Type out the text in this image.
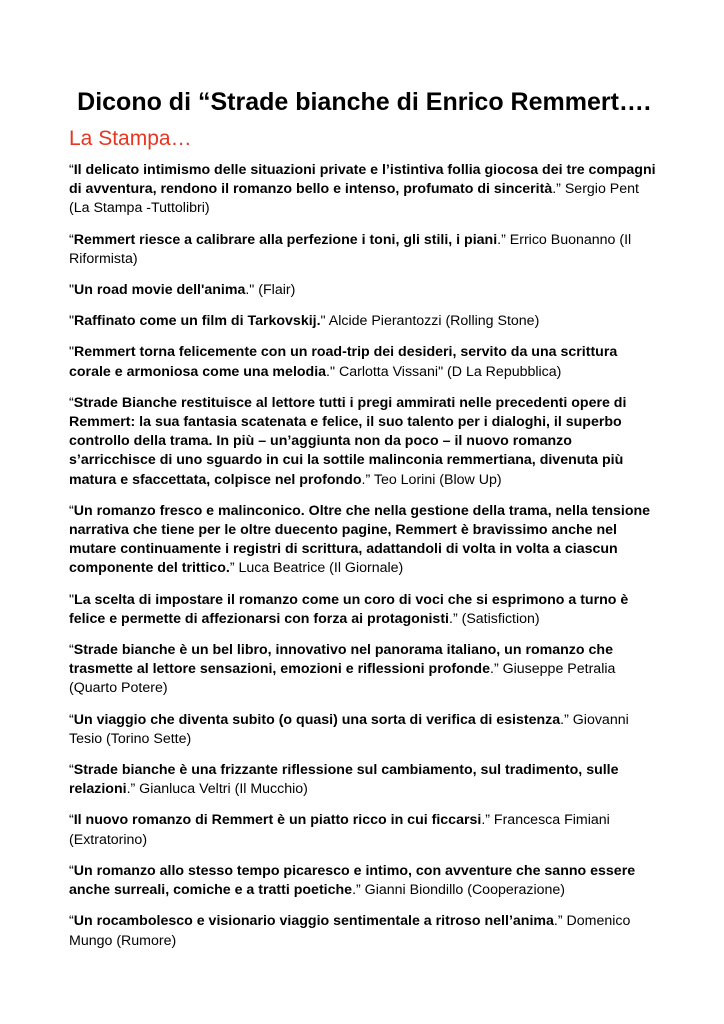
Dicono di “Strade bianche di Enrico Remmert….
La Stampa…

“Il delicato intimismo delle situazioni private e l’istintiva follia giocosa dei tre compagni di avventura, rendono il romanzo bello e intenso, profumato di sincerità.” Sergio Pent (La Stampa -Tuttolibri)

“Remmert riesce a calibrare alla perfezione i toni, gli stili, i piani.” Errico Buonanno (Il Riformista)

"Un road movie dell'anima." (Flair)

"Raffinato come un film di Tarkovskij." Alcide Pierantozzi (Rolling Stone)

"Remmert torna felicemente con un road-trip dei desideri, servito da una scrittura corale e armoniosa come una melodia." Carlotta Vissani" (D La Repubblica)

“Strade Bianche restituisce al lettore tutti i pregi ammirati nelle precedenti opere di Remmert: la sua fantasia scatenata e felice, il suo talento per i dialoghi, il superbo controllo della trama. In più – un’aggiunta non da poco – il nuovo romanzo s’arricchisce di uno sguardo in cui la sottile malinconia remmertiana, divenuta più matura e sfaccettata, colpisce nel profondo.” Teo Lorini (Blow Up)

“Un romanzo fresco e malinconico. Oltre che nella gestione della trama, nella tensione narrativa che tiene per le oltre duecento pagine, Remmert è bravissimo anche nel mutare continuamente i registri di scrittura, adattandoli di volta in volta a ciascun componente del trittico.” Luca Beatrice (Il Giornale)

"La scelta di impostare il romanzo come un coro di voci che si esprimono a turno è felice e permette di affezionarsi con forza ai protagonisti.” (Satisfiction)

“Strade bianche è un bel libro, innovativo nel panorama italiano, un romanzo che trasmette al lettore sensazioni, emozioni e riflessioni profonde.” Giuseppe Petralia (Quarto Potere)

“Un viaggio che diventa subito (o quasi) una sorta di verifica di esistenza.” Giovanni Tesio (Torino Sette)

“Strade bianche è una frizzante riflessione sul cambiamento, sul tradimento, sulle relazioni.” Gianluca Veltri (Il Mucchio)

“Il nuovo romanzo di Remmert è un piatto ricco in cui ficcarsi.” Francesca Fimiani (Extratorino)

“Un romanzo allo stesso tempo picaresco e intimo, con avventure che sanno essere anche surreali, comiche e a tratti poetiche.” Gianni Biondillo (Cooperazione)

“Un rocambolesco e visionario viaggio sentimentale a ritroso nell’anima.” Domenico Mungo (Rumore)
